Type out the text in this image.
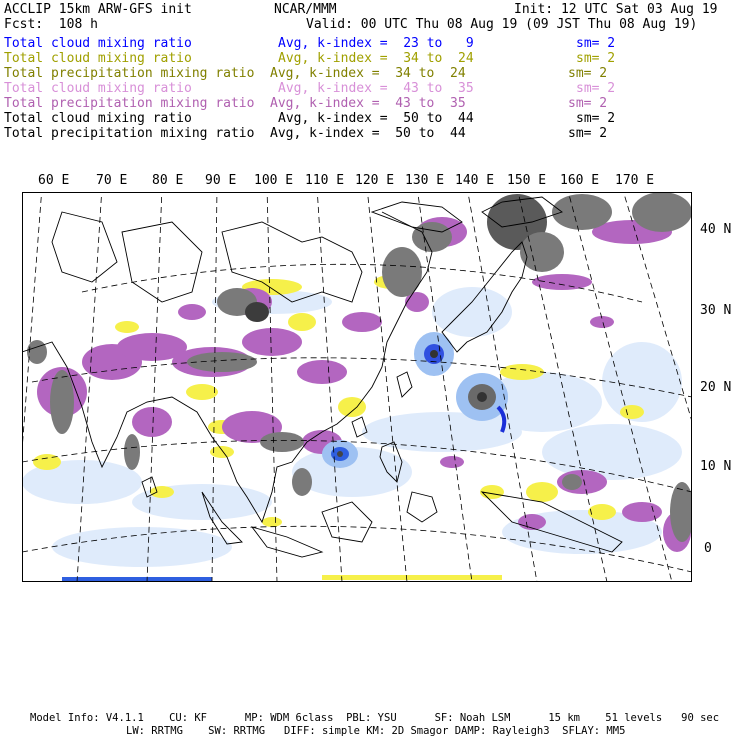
ACCLIP 15km ARW-GFS init	NCAR/MMM	Init: 12 UTC Sat 03 Aug 19
Fcst:  108 h	Valid: 00 UTC Thu 08 Aug 19 (09 JST Thu 08 Aug 19)
Total cloud mixing ratio	Avg, k-index =  23 to   9	sm= 2
Total cloud mixing ratio	Avg, k-index =  34 to  24	sm= 2
Total precipitation mixing ratio Avg, k-index =  34 to  24	sm= 2
Total cloud mixing ratio	Avg, k-index =  43 to  35	sm= 2
Total precipitation mixing ratio Avg, k-index =  43 to  35	sm= 2
Total cloud mixing ratio	Avg, k-index =  50 to  44	sm= 2
Total precipitation mixing ratio Avg, k-index =  50 to  44	sm= 2
60 E 70 E 80 E 90 E 100 E 110 E 120 E 130 E 140 E 150 E 160 E 170 E
40 N
30 N
20 N
10 N
0
Model Info: V4.1.1    CU: KF      MP: WDM 6class  PBL: YSU      SF: Noah LSM      15 km    51 levels   90 sec
LW: RRTMG    SW: RRTMG   DIFF: simple KM: 2D Smagor DAMP: Rayleigh3  SFLAY: MM5
